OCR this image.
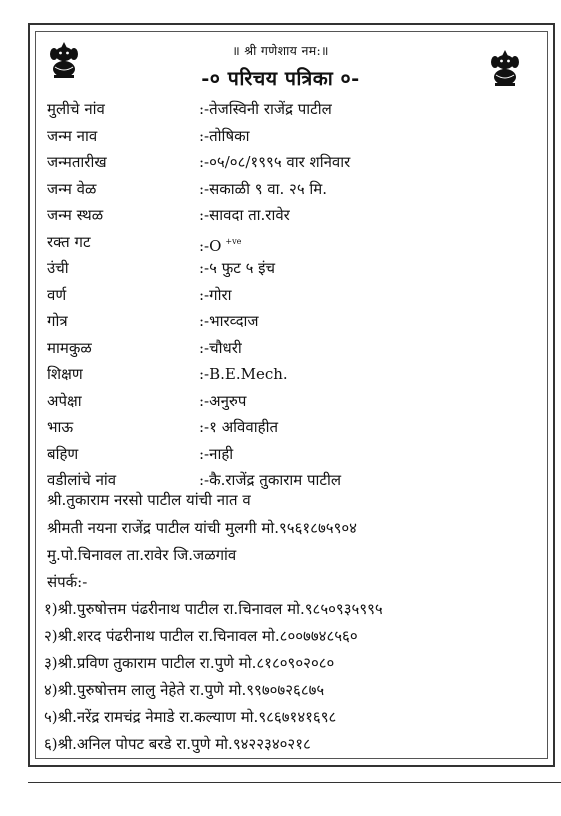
॥ श्री गणेशाय नम:॥
-० परिचय पत्रिका ०-
मुलीचे नांव	:-तेजस्विनी राजेंद्र पाटील
जन्म नाव	:-तोषिका
जन्मतारीख	:-०५/०८/१९९५ वार शनिवार
जन्म वेळ	:-सकाळी ९ वा. २५ मि.
जन्म स्थळ	:-सावदा ता.रावेर
रक्त गट	:-O $^{+ve}$
उंची	:-५ फुट ५ इंच
वर्ण	:-गोरा
गोत्र	:-भारव्दाज
मामकुळ	:-चौधरी
शिक्षण	:-B.E.Mech.
अपेक्षा	:-अनुरुप
भाऊ	:-१ अविवाहीत
बहिण	:-नाही
वडीलांचे नांव	:-कै.राजेंद्र तुकाराम पाटील
श्री.तुकाराम नरसो पाटील यांची नात व
श्रीमती नयना राजेंद्र पाटील यांची मुलगी मो.९५६१८७५९०४
मु.पो.चिनावल ता.रावेर जि.जळगांव
संपर्क:-
१)श्री.पुरुषोत्तम पंढरीनाथ पाटील रा.चिनावल मो.९८५०९३५९९५
२)श्री.शरद पंढरीनाथ पाटील रा.चिनावल मो.८००७७४८५६०
३)श्री.प्रविण तुकाराम पाटील रा.पुणे मो.८१८०९०२०८०
४)श्री.पुरुषोत्तम लालु नेहेते रा.पुणे मो.९९७०७२६८७५
५)श्री.नरेंद्र रामचंद्र नेमाडे रा.कल्याण मो.९८६७१४१६९८
६)श्री.अनिल पोपट बरडे रा.पुणे मो.९४२२३४०२१८
